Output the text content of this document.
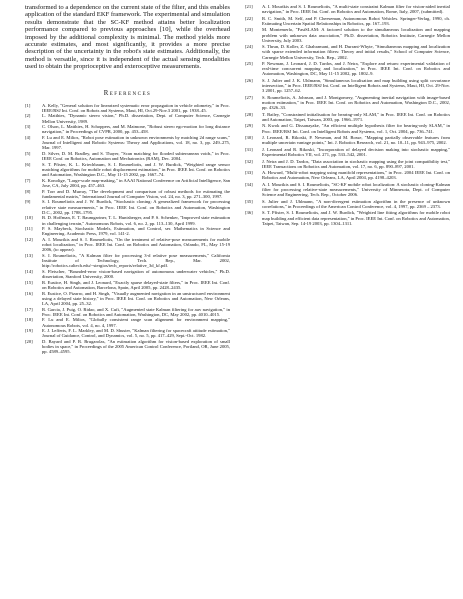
transformed to a dependence on the current state of the filter, and this enables application of the standard EKF framework. The experimental and simulation results demonstrate that the SC-KF method attains better localization performance compared to previous approaches [10], while the overhead imposed by the additional complexity is minimal. The method yields more accurate estimates, and most significantly, it provides a more precise description of the uncertainty in the robot's state estimates. Additionally, the method is versatile, since it is independent of the actual sensing modalities used to obtain the proprioceptive and exteroceptive measurements.

References
[1]	A. Kelly, "General solution for linearized systematic error propagation in vehicle odometry," in Proc. IEEE/RSJ Int. Conf. on Robots and Systems, Maui, HI, Oct.29-Nov.3 2001, pp. 1938–45.
[2]	L. Matthies, "Dynamic stereo vision," Ph.D. dissertation, Dept. of Computer Science, Carnegie Mellon University, 1989.
[3]	C. Olson, L. Matthies, H. Schoppers, and M. Maimone, "Robust stereo ego-motion for long distance navigation," in Proceedings of CVPR, 2000, pp. 453–458.
[4]	F. Lu and E. Milios, "Robot pose estimation in unknown environments by matching 2d range scans," Journal of Intelligent and Robotic Systems: Theory and Applications, vol. 18, no. 3, pp. 249–275, Mar. 1997.
[5]	D. Silver, D. M. Bradley, and S. Thayer, "Scan matching for flooded subterranean voids," in Proc. IEEE Conf. on Robotics, Automation and Mechatronics (RAM), Dec. 2004.
[6]	S. T. Pfister, K. L. Kriechbaum, S. I. Roumeliotis, and J. W. Burdick, "Weighted range sensor matching algorithms for mobile robot displacement estimation," in Proc. IEEE Int. Conf. on Robotics and Automation, Washington D.C., May 11-15 2002, pp. 1667–74.
[7]	K. Konolige, "Large-scale map-making," in AAAI National Conference on Artificial Intelligence, San Jose, CA, July 2004, pp. 457–463.
[8]	P. Torr and D. Murray, "The development and comparison of robust methods for estimating the fundamental matrix," International Journal of Computer Vision, vol. 24, no. 3, pp. 271–300, 1997.
[9]	S. I. Roumeliotis and J. W. Burdick, "Stochastic cloning: A generalized framework for processing relative state measurements," in Proc. IEEE Int. Conf. on Robotics and Automation, Washington D.C., 2002, pp. 1788–1795.
[10] B. D. Hoffman, E. T. Baumgartner, T. L. Huntsberger, and P. S. Schenker, "Improved state estimation in challenging terrain," Autonomous Robots, vol. 6, no. 2, pp. 113–130, April 1999.
[11] P. S. Maybeck, Stochastic Models, Estimation, and Control, ser. Mathematics in Science and Engineering. Academic Press, 1979, vol. 141-2.
[12] A. I. Mourikis and S. I. Roumeliotis, "On the treatment of relative-pose measurements for mobile robot localization," in Proc. IEEE Int. Conf. on Robotics and Automation, Orlando, FL, May 15-19 2006, (to appear).
[13] S. I. Roumeliotis, "A Kalman filter for processing 3-d relative pose measurements," California Institute of Technology, Tech. Rep., Mar. 2002, http://robotics.caltech.edu/~stergios/tech_reports/relative_3d_kf.pdf.
[14] S. Fleischer, "Bounded-error vision-based navigation of autonomous underwater vehicles," Ph.D. dissertation, Stanford University, 2000.
[15] R. Eustice, H. Singh, and J. Leonard, "Exactly sparse delayed-state filters," in Proc. IEEE Int. Conf. on Robotics and Automation, Barcelona, Spain, April 2005, pp. 2428–2435.
[16] R. Eustice, O. Pizarro, and H. Singh, "Visually augmented navigation in an unstructured environment using a delayed state history," in Proc. IEEE Int. Conf. on Robotics and Automation, New Orleans, LA, April 2004, pp. 25–32.
[17] R. Garcia, J. Puig, O. Ridao, and X. Cufi, "Augmented state Kalman filtering for auv navigation," in Proc. IEEE Int. Conf. on Robotics and Automation, Washington, DC, May 2002, pp. 4010–4015.
[18] F. Lu and E. Milios, "Globally consistent range scan alignment for environment mapping," Autonomous Robots, vol. 4, no. 4, 1997.
[19] E. J. Lefferts, F. L. Markley, and M. D. Shuster, "Kalman filtering for spacecraft attitude estimation," Journal of Guidance, Control, and Dynamics, vol. 5, no. 5, pp. 417–429, Sept.-Oct. 1982.
[20] D. Bayard and P. B. Brugarolas, "An estimation algorithm for vision-based exploration of small bodies in space," in Proceedings of the 2005 American Control Conference, Portland, OR, June 2005, pp. 4589–4595.
[21] A. I. Mourikis and S. I. Roumeliotis, "A multi-state constraint Kalman filter for vision-aided inertial navigation," in Proc. IEEE Int. Conf. on Robotics and Automation, Rome, Italy, 2007, (submitted).
[22] R. C. Smith, M. Self, and P. Cheeseman, Autonomous Robot Vehicles. Springer-Verlag, 1990, ch. Estimating Uncertain Spatial Relationships in Robotics, pp. 167–193.
[23] M. Montemerlo, "FastSLAM: A factored solution to the simultaneous localization and mapping problem with unknown data association," Ph.D. dissertation, Robotics Institute, Carnegie Mellon University, July 2003.
[24] S. Thrun, D. Koller, Z. Ghahramani, and H. Durrant-Whyte, "Simultaneous mapping and localization with sparse extended information filters: Theory and initial results," School of Computer Science, Carnegie Mellon University, Tech. Rep., 2002.
[25] P. Newman, J. Leonard, J. D. Tardos, and J. Neira, "Explore and return: experimental validation of real-time concurrent mapping and localization," in Proc. IEEE Int. Conf. on Robotics and Automation, Washington, DC, May 11-15 2002, pp. 1802–9.
[26] S. J. Julier and J. K. Uhlmann, "Simultaneous localisation and map building using split covariance intersection," in Proc. IEEE/RSJ Int. Conf. on Intelligent Robots and Systems, Maui, HI, Oct. 29-Nov. 3 2001, pp. 1257–62.
[27] S. Roumeliotis, A. Johnson, and J. Montgomery, "Augmenting inertial navigation with image-based motion estimation," in Proc. IEEE Int. Conf. on Robotics and Automation, Washington D.C., 2002, pp. 4326–33.
[28] T. Bailey, "Constrained initialisation for bearing-only SLAM," in Proc. IEEE Int. Conf. on Robotics and Automation, Taipei, Taiwan, 2003, pp. 1966–1971.
[29] N. Kwok and G. Dissanayake, "An efficient multiple hypothesis filter for bearing-only SLAM," in Proc. IEEE/RSJ Int. Conf. on Intelligent Robots and Systems, vol. 1, Oct. 2004, pp. 736–741.
[30] J. Leonard, R. Rikoski, P. Newman, and M. Bosse, "Mapping partially observable features from multiple uncertain vantage points," Int. J. Robotics Research, vol. 21, no. 10–11, pp. 943–975, 2002.
[31] J. Leonard and R. Rikoski, "Incorporation of delayed decision making into stochastic mapping," Experimental Robotics VII, vol. 271, pp. 533–542, 2001.
[32] J. Neira and J. D. Tardos, "Data association in stochastic mapping using the joint compatibility test," IEEE Transactions on Robotics and Automation, vol. 17, no. 6, pp. 890–897, 2001.
[33] A. Howard, "Multi-robot mapping using manifold representations," in Proc. 2004 IEEE Int. Conf. on Robotics and Automation, New Orleans, LA, April 2004, pp. 4198–4203.
[34] A. I. Mourikis and S. I. Roumeliotis, "SC-KF mobile robot localization: A stochastic cloning-Kalman filter for processing relative-state measurements," University of Minnesota, Dept. of Computer Science and Engineering, Tech. Rep., October 2006.
[35] S. Julier and J. Uhlmann, "A non-divergent estimation algorithm in the presence of unknown correlations," in Proceedings of the American Control Conference, vol. 4, 1997, pp. 2369 – 2373.
[36] S. T. Pfister, S. I. Roumeliotis, and J. W. Burdick, "Weighted line fitting algorithms for mobile robot map building and efficient data representation," in Proc. IEEE Int. Conf. on Robotics and Automation, Taipei, Taiwan, Sep. 14-19 2003, pp. 1304–1311.
